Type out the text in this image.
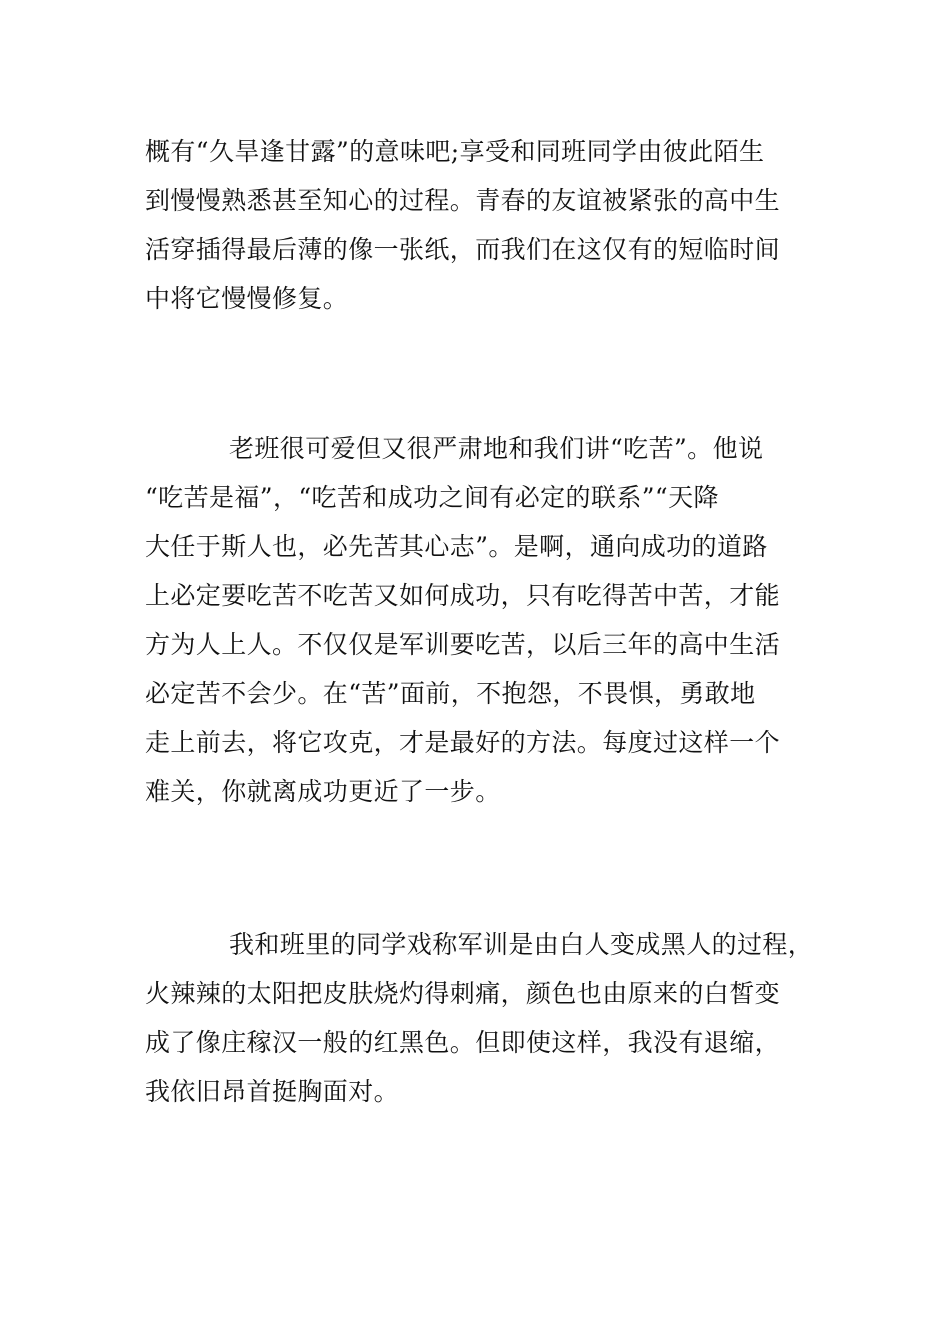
概有“久旱逢甘露”的意味吧;享受和同班同学由彼此陌生
到慢慢熟悉甚至知心的过程。青春的友谊被紧张的高中生
活穿插得最后薄的像一张纸，而我们在这仅有的短临时间
中将它慢慢修复。

老班很可爱但又很严肃地和我们讲“吃苦”。他说
“吃苦是福”，“吃苦和成功之间有必定的联系”“天降
大任于斯人也，必先苦其心志”。是啊，通向成功的道路
上必定要吃苦不吃苦又如何成功，只有吃得苦中苦，才能
方为人上人。不仅仅是军训要吃苦，以后三年的高中生活
必定苦不会少。在“苦”面前，不抱怨，不畏惧，勇敢地
走上前去，将它攻克，才是最好的方法。每度过这样一个
难关，你就离成功更近了一步。

我和班里的同学戏称军训是由白人变成黑人的过程，
火辣辣的太阳把皮肤烧灼得刺痛，颜色也由原来的白皙变
成了像庄稼汉一般的红黑色。但即使这样，我没有退缩，
我依旧昂首挺胸面对。
